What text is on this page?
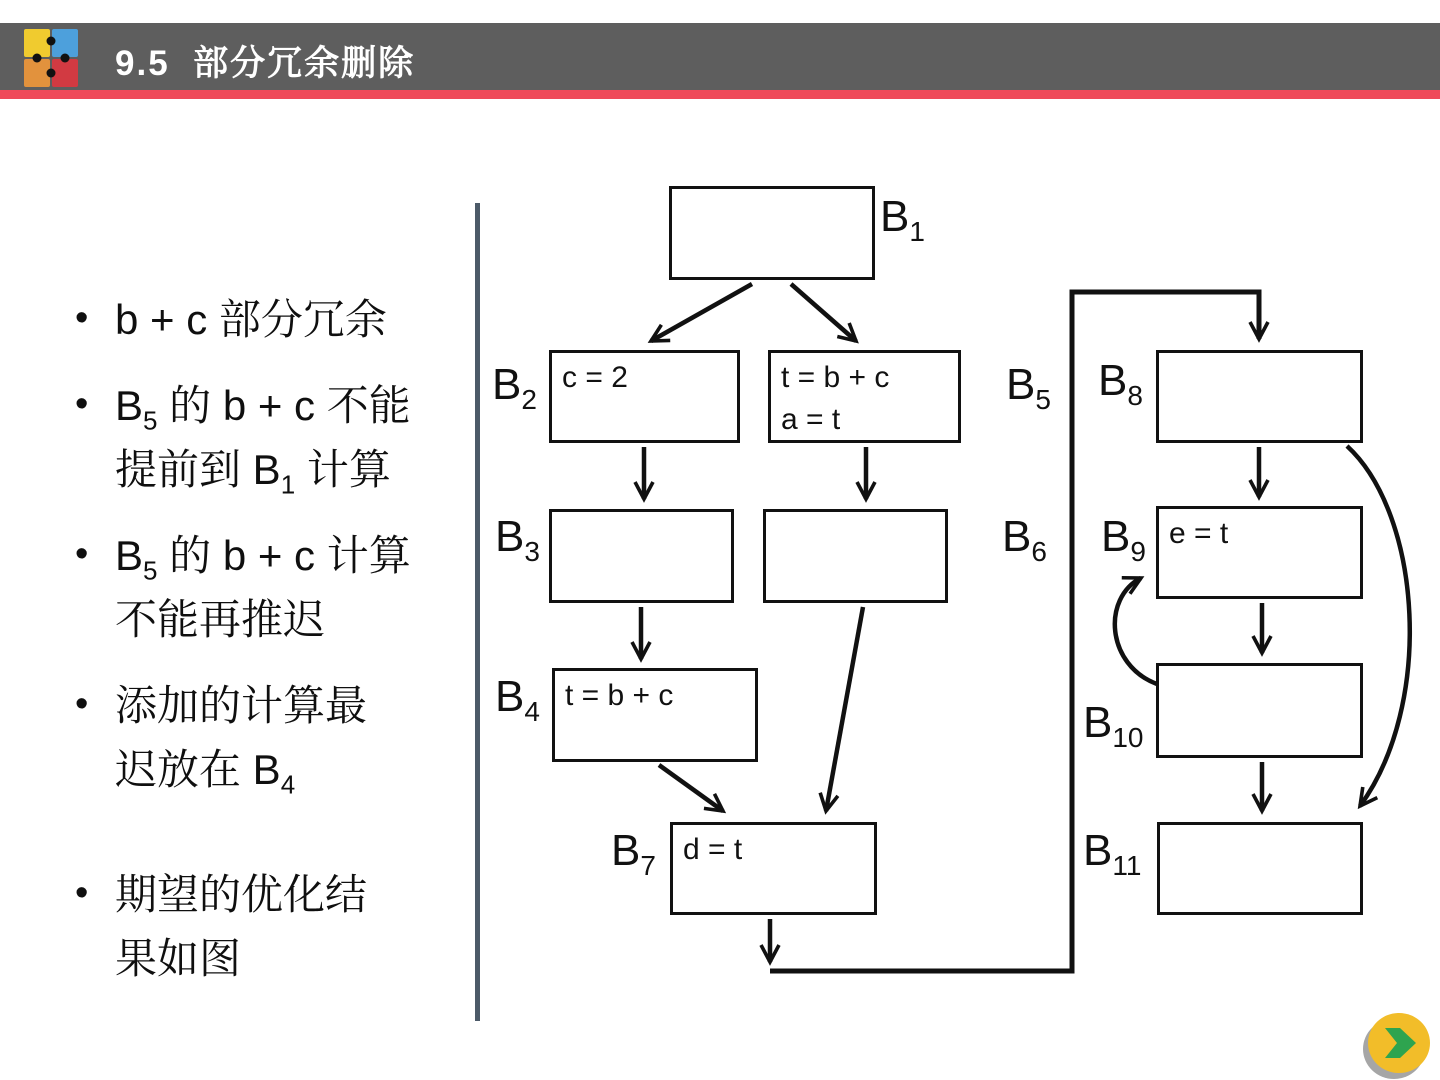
9.5  部分冗余删除
• b + c 部分冗余
• $B_5$ 的 b + c 不能
提前到 $B_1$ 计算
• $B_5$ 的 b + c 计算
不能再推迟
• 添加的计算最
迟放在 $B_4$
• 期望的优化结
果如图
c = 2
t = b + c
t = b + c
a = t
d = t
e = t
$B_1$
$B_2$
$B_3$
$B_4$
$B_5$
$B_6$
$B_7$
$B_8$
$B_9$
$B_{10}$
$B_{11}$
